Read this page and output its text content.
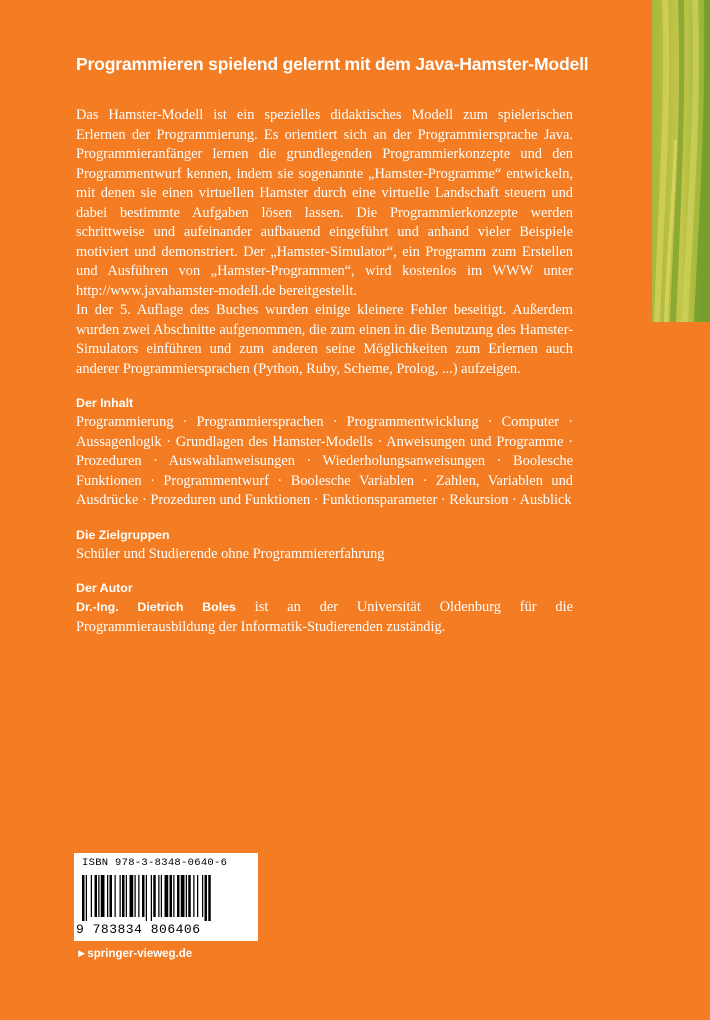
Programmieren spielend gelernt mit dem Java-Hamster-Modell

Das Hamster-Modell ist ein spezielles didaktisches Modell zum spielerischen Erlernen der Programmierung. Es orientiert sich an der Programmiersprache Java. Programmieranfänger lernen die grundlegenden Programmierkonzepte und den Programmentwurf kennen, indem sie sogenannte „Hamster-Programme“ entwickeln, mit denen sie einen virtuellen Hamster durch eine virtuelle Landschaft steuern und dabei bestimmte Aufgaben lösen lassen. Die Programmierkonzepte werden schrittweise und aufeinander aufbauend eingeführt und anhand vieler Beispiele motiviert und demonstriert. Der „Hamster-Simulator“, ein Programm zum Erstellen und Ausführen von „Hamster-Programmen“, wird kostenlos im WWW unter http://www.javahamster-modell.de bereitgestellt.

In der 5. Auflage des Buches wurden einige kleinere Fehler beseitigt. Außerdem wurden zwei Abschnitte aufgenommen, die zum einen in die Benutzung des Hamster-Simulators einführen und zum anderen seine Möglichkeiten zum Erlernen auch anderer Programmiersprachen (Python, Ruby, Scheme, Prolog, ...) aufzeigen.

Der Inhalt

Programmierung · Programmiersprachen · Programmentwicklung · Computer · Aussagenlogik · Grundlagen des Hamster-Modells · Anweisungen und Programme · Prozeduren · Auswahlanweisungen · Wiederholungsanweisungen · Boolesche Funktionen · Programmentwurf · Boolesche Variablen · Zahlen, Variablen und Ausdrücke · Prozeduren und Funktionen · Funktionsparameter · Rekursion · Ausblick

Die Zielgruppen

Schüler und Studierende ohne Programmiererfahrung

Der Autor

Dr.-Ing. Dietrich Boles ist an der Universität Oldenburg für die Programmierausbildung der Informatik-Studierenden zuständig.

ISBN 978-3-8348-0640-6
9 783834 806406
►springer-vieweg.de
